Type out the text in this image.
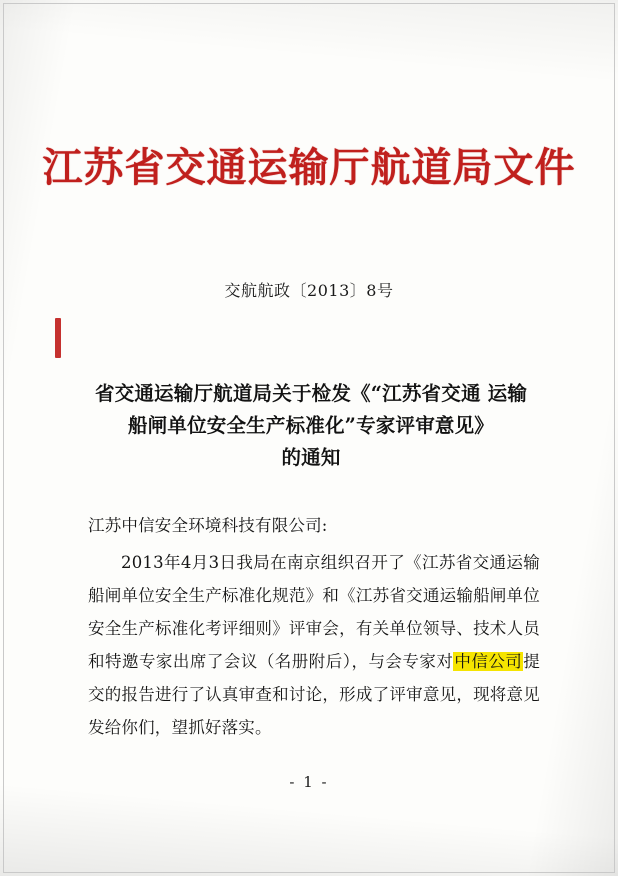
江苏省交通运输厅航道局文件
交航航政〔2013〕8号
省交通运输厅航道局关于检发《“江苏省交通 运输船闸单位安全生产标准化”专家评审意见》
的通知
江苏中信安全环境科技有限公司:
2013年4月3日我局在南京组织召开了《江苏省交通运输船闸单位安全生产标准化规范》和《江苏省交通运输船闸单位安全生产标准化考评细则》评审会，有关单位领导、技术人员和特邀专家出席了会议（名册附后），与会专家对中信公司提交的报告进行了认真审查和讨论，形成了评审意见，现将意见发给你们，望抓好落实。
- 1 -
